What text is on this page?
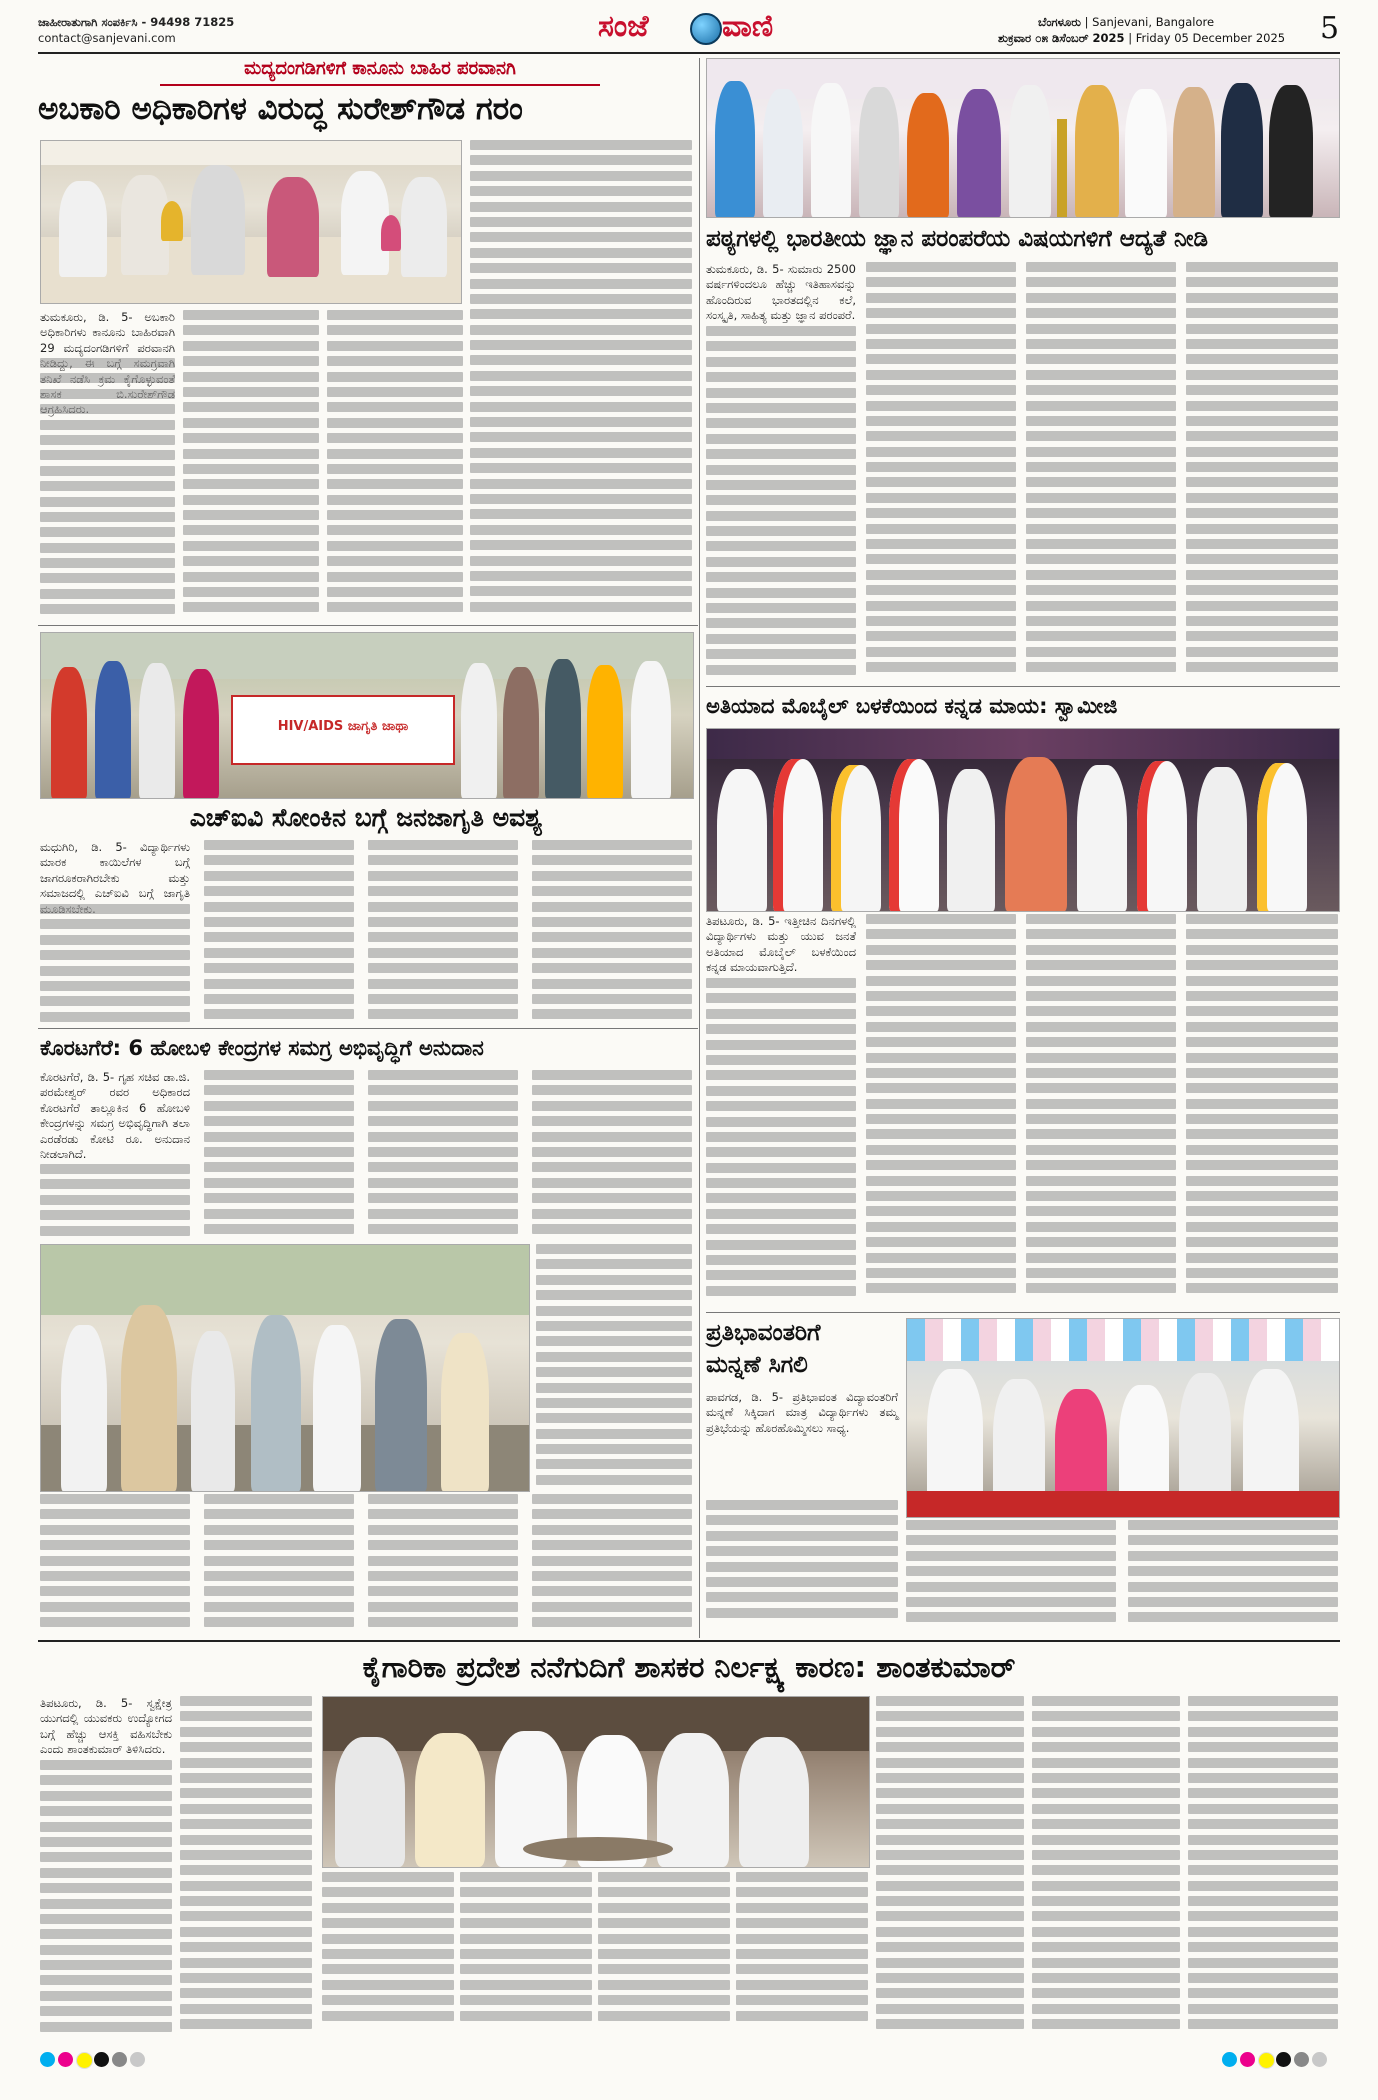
ಜಾಹೀರಾತುಗಾಗಿ ಸಂಪರ್ಕಿಸಿ - 94498 71825
contact@sanjevani.com	ಸಂಜೆ ವಾಣಿ	ಬೆಂಗಳೂರು | Sanjevani, Bangalore
ಶುಕ್ರವಾರ ೦೫ ಡಿಸೆಂಬರ್ 2025 | Friday 05 December 2025 5
ಮದ್ಯದಂಗಡಿಗಳಿಗೆ ಕಾನೂನು ಬಾಹಿರ ಪರವಾನಗಿ
ಅಬಕಾರಿ ಅಧಿಕಾರಿಗಳ ವಿರುದ್ಧ ಸುರೇಶ್‌ಗೌಡ ಗರಂ
ತುಮಕೂರು, ಡಿ. 5- ಅಬಕಾರಿ ಅಧಿಕಾರಿಗಳು ಕಾನೂನು ಬಾಹಿರವಾಗಿ 29 ಮದ್ಯದಂಗಡಿಗಳಿಗೆ ಪರವಾನಗಿ
ಪಠ್ಯಗಳಲ್ಲಿ ಭಾರತೀಯ ಜ್ಞಾನ ಪರಂಪರೆಯ ವಿಷಯಗಳಿಗೆ ಆದ್ಯತೆ ನೀಡಿ
ತುಮಕೂರು, ಡಿ. 5- ಸುಮಾರು 2500 ವರ್ಷಗಳಿಂದಲೂ ಹೆಚ್ಚು ಇತಿಹಾಸವನ್ನು ಹೊಂದಿರುವ ಭಾರತದಲ್ಲಿನ ಕಲೆ, ಸಂಸ್ಕೃತಿ, ಸಾಹಿತ್ಯ ಮತ್ತು ಜ್ಞಾನ ಪರಂಪರೆ.
HIV/AIDS ಜಾಗೃತಿ ಜಾಥಾ
ಎಚ್‌ಐವಿ ಸೋಂಕಿನ ಬಗ್ಗೆ ಜನಜಾಗೃತಿ ಅವಶ್ಯ
ಮಧುಗಿರಿ, ಡಿ. 5- ವಿದ್ಯಾರ್ಥಿಗಳು ಮಾರಕ ಕಾಯಿಲೆಗಳ ಬಗ್ಗೆ ಜಾಗರೂಕರಾಗಿರಬೇಕು ಮತ್ತು ಸಮಾಜದಲ್ಲಿ ಎಚ್‌ಐವಿ ಬಗ್ಗೆ ಜಾಗೃತಿ
ಕೊರಟಗೆರೆ: 6 ಹೋಬಳಿ ಕೇಂದ್ರಗಳ ಸಮಗ್ರ ಅಭಿವೃದ್ಧಿಗೆ ಅನುದಾನ
ಕೊರಟಗೆರೆ, ಡಿ. 5- ಗೃಹ ಸಚಿವ ಡಾ.ಜಿ. ಪರಮೇಶ್ವರ್ ರವರ ಅಧಿಕಾರದ ಕೊರಟಗೆರೆ ತಾಲ್ಲೂಕಿನ 6 ಹೋಬಳಿ ಕೇಂದ್ರಗಳನ್ನು ಸಮಗ್ರ ಅಭಿವೃದ್ಧಿಗಾಗಿ ತಲಾ ಎರಡೆರಡು ಕೋಟಿ ರೂ. ಅನುದಾನ ನೀಡಲಾಗಿದೆ.
ಅತಿಯಾದ ಮೊಬೈಲ್ ಬಳಕೆಯಿಂದ ಕನ್ನಡ ಮಾಯ: ಸ್ವಾಮೀಜಿ
ತಿಪಟೂರು, ಡಿ. 5- ಇತ್ತೀಚಿನ ದಿನಗಳಲ್ಲಿ ವಿದ್ಯಾರ್ಥಿಗಳು ಮತ್ತು ಯುವ ಜನತೆ ಅತಿಯಾದ ಮೊಬೈಲ್ ಬಳಕೆಯಿಂದ ಕನ್ನಡ ಮಾಯವಾಗುತ್ತಿದೆ.
ಪ್ರತಿಭಾವಂತರಿಗೆ
ಮನ್ನಣೆ ಸಿಗಲಿ
ಪಾವಗಡ, ಡಿ. 5- ಪ್ರತಿಭಾವಂತ ವಿದ್ಯಾವಂತರಿಗೆ ಮನ್ನಣೆ ಸಿಕ್ಕಿದಾಗ ಮಾತ್ರ ವಿದ್ಯಾರ್ಥಿಗಳು ತಮ್ಮ ಪ್ರತಿಭೆಯನ್ನು ಹೊರಹೊಮ್ಮಿಸಲು ಸಾಧ್ಯ.
ಕೈಗಾರಿಕಾ ಪ್ರದೇಶ ನನೆಗುದಿಗೆ ಶಾಸಕರ ನಿರ್ಲಕ್ಷ್ಯ ಕಾರಣ: ಶಾಂತಕುಮಾರ್
ತಿಪಟೂರು, ಡಿ. 5- ಸ್ವಕ್ಷೇತ್ರ ಯುಗದಲ್ಲಿ ಯುವಕರು ಉದ್ಯೋಗದ ಬಗ್ಗೆ ಹೆಚ್ಚು ಆಸಕ್ತಿ ವಹಿಸಬೇಕು ಎಂದು ಶಾಂತಕುಮಾರ್ ತಿಳಿಸಿದರು.
